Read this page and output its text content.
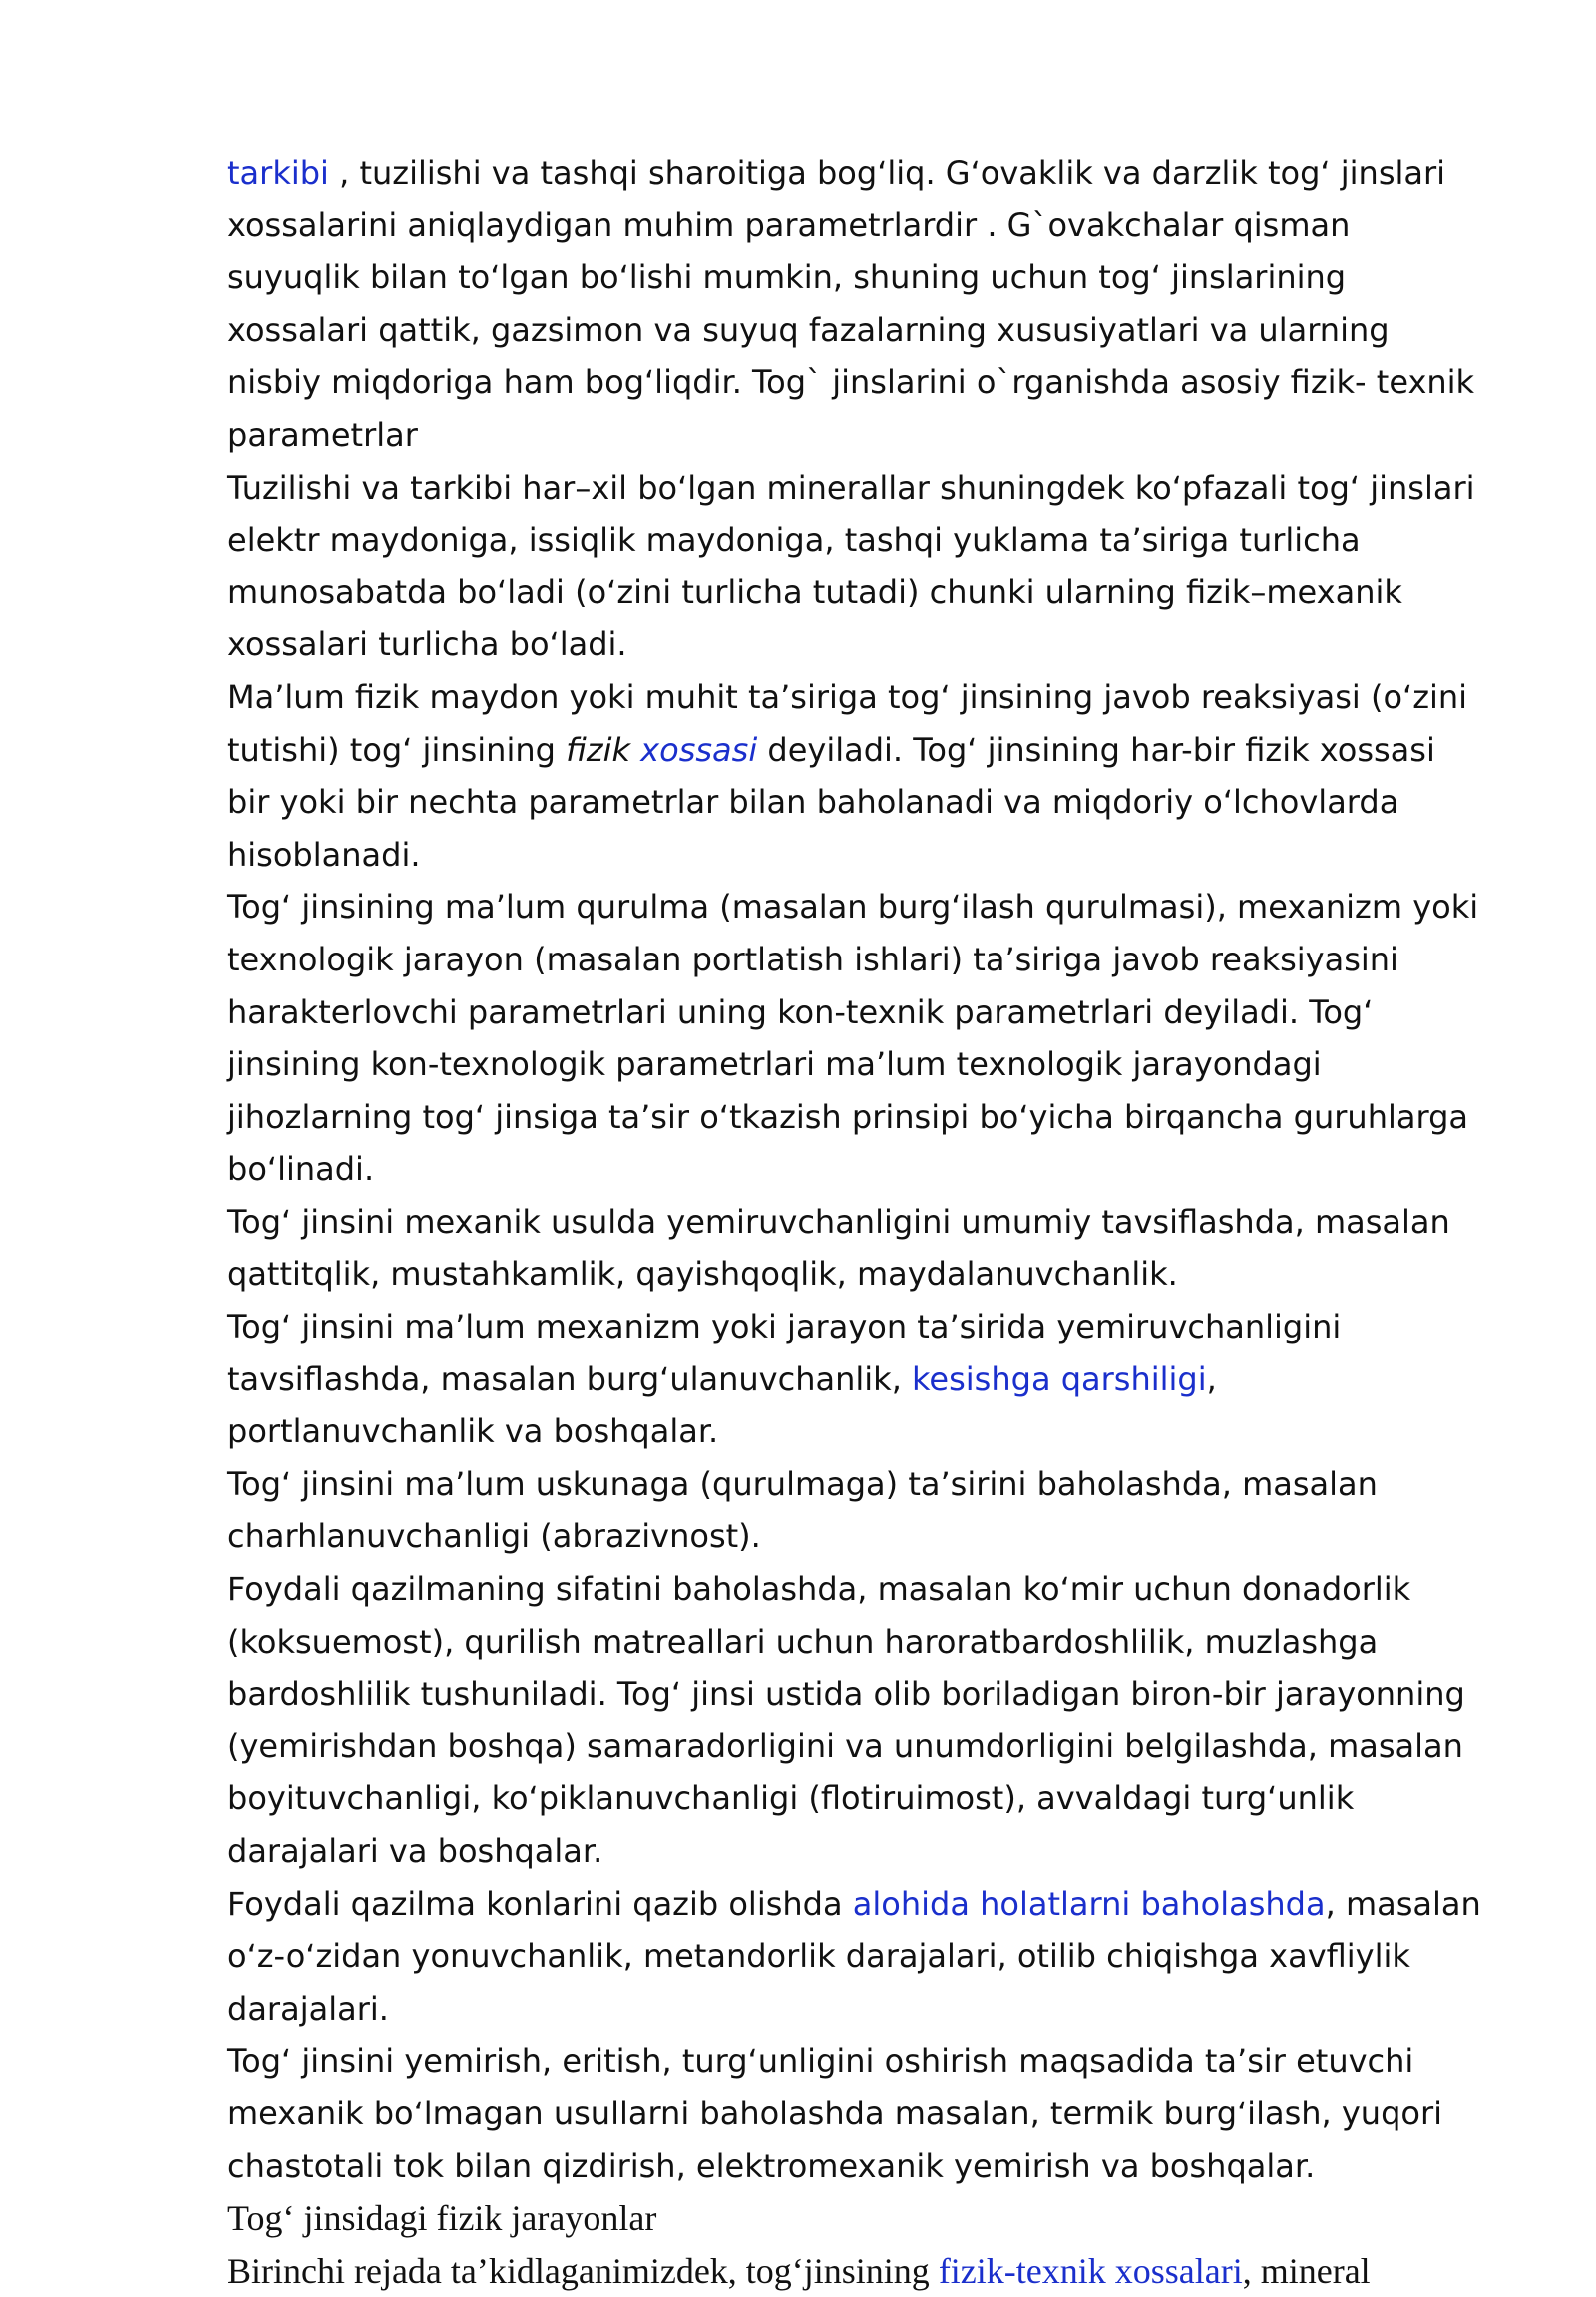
tarkibi , tuzilishi va tashqi sharoitiga bog‘liq. G‘ovaklik va darzlik tog‘ jinslari xossalarini aniqlaydigan muhim parametrlardir . G`ovakchalar qisman suyuqlik bilan to‘lgan bo‘lishi mumkin, shuning uchun tog‘ jinslarining xossalari qattik, gazsimon va suyuq fazalarning xususiyatlari va ularning nisbiy miqdoriga ham bog‘liqdir. Tog` jinslarini o`rganishda asosiy fizik- texnik parametrlar

Tuzilishi va tarkibi har–xil bo‘lgan minerallar shuningdek ko‘pfazali tog‘ jinslari elektr maydoniga, issiqlik maydoniga, tashqi yuklama ta’siriga turlicha munosabatda bo‘ladi (o‘zini turlicha tutadi) chunki ularning fizik–mexanik xossalari turlicha bo‘ladi.

Ma’lum fizik maydon yoki muhit ta’siriga tog‘ jinsining javob reaksiyasi (o‘zini tutishi) tog‘ jinsining fizik xossasi deyiladi. Tog‘ jinsining har-bir fizik xossasi bir yoki bir nechta parametrlar bilan baholanadi va miqdoriy o‘lchovlarda hisoblanadi.

Tog‘ jinsining ma’lum qurulma (masalan burg‘ilash qurulmasi), mexanizm yoki texnologik jarayon (masalan portlatish ishlari) ta’siriga javob reaksiyasini harakterlovchi parametrlari uning kon-texnik parametrlari deyiladi. Tog‘ jinsining kon-texnologik parametrlari ma’lum texnologik jarayondagi jihozlarning tog‘ jinsiga ta’sir o‘tkazish prinsipi bo‘yicha birqancha guruhlarga bo‘linadi.

Tog‘ jinsini mexanik usulda yemiruvchanligini umumiy tavsiflashda, masalan qattitqlik, mustahkamlik, qayishqoqlik, maydalanuvchanlik.

Tog‘ jinsini ma’lum mexanizm yoki jarayon ta’sirida yemiruvchanligini tavsiflashda, masalan burg‘ulanuvchanlik, kesishga qarshiligi, portlanuvchanlik va boshqalar.

Tog‘ jinsini ma’lum uskunaga (qurulmaga) ta’sirini baholashda, masalan charhlanuvchanligi (abrazivnost).

Foydali qazilmaning sifatini baholashda, masalan ko‘mir uchun donadorlik (koksuemost), qurilish matreallari uchun haroratbardoshlilik, muzlashga bardoshlilik tushuniladi. Tog‘ jinsi ustida olib boriladigan biron-bir jarayonning (yemirishdan boshqa) samaradorligini va unumdorligini belgilashda, masalan boyituvchanligi, ko‘piklanuvchanligi (flotiruimost), avvaldagi turg‘unlik darajalari va boshqalar.

Foydali qazilma konlarini qazib olishda alohida holatlarni baholashda, masalan o‘z-o‘zidan yonuvchanlik, metandorlik darajalari, otilib chiqishga xavfliylik darajalari.

Tog‘ jinsini yemirish, eritish, turg‘unligini oshirish maqsadida ta’sir etuvchi mexanik bo‘lmagan usullarni baholashda masalan, termik burg‘ilash, yuqori chastotali tok bilan qizdirish, elektromexanik yemirish va boshqalar.

Tog‘ jinsidagi fizik jarayonlar

Birinchi rejada ta’kidlaganimizdek, tog‘jinsining fizik-texnik xossalari, mineral
